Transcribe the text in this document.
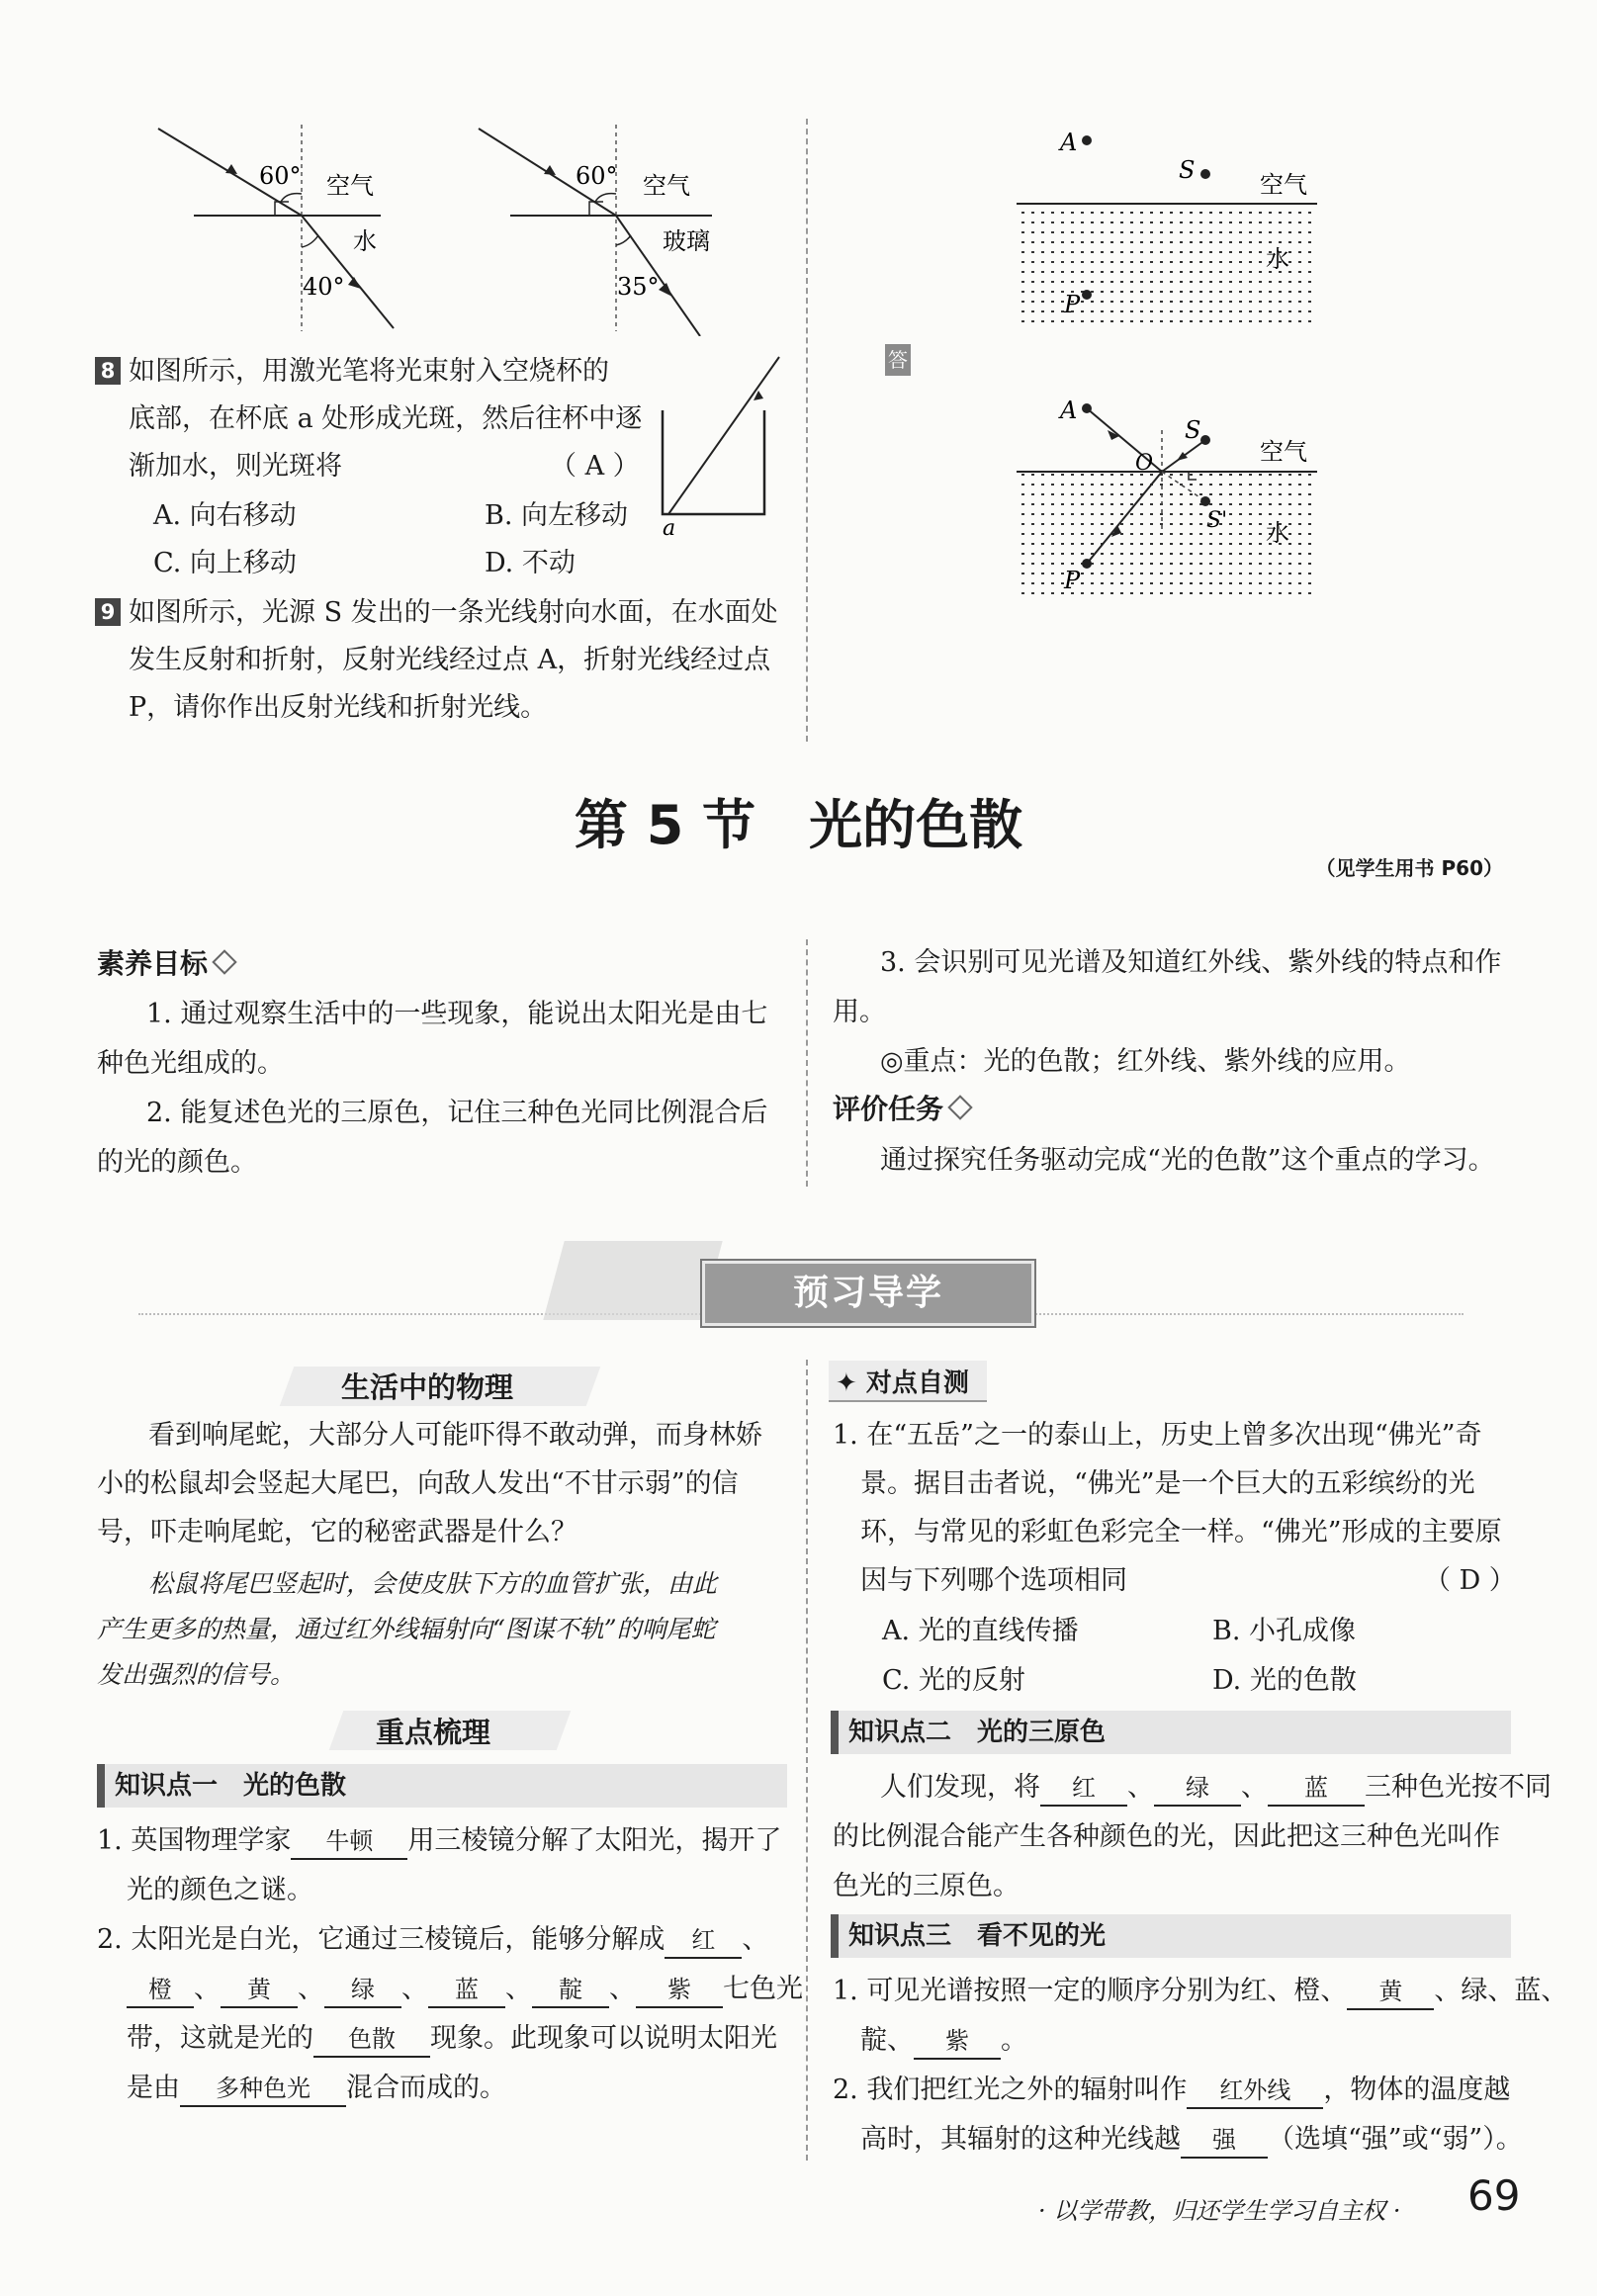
60° 空气
水
40°
60° 空气
玻璃
35°
8 如图所示，用激光笔将光束射入空烧杯的
底部，在杯底 a 处形成光斑，然后往杯中逐
渐加水，则光斑将	（ A ）
A. 向右移动	B. 向左移动
C. 向上移动	D. 不动
a
9 如图所示，光源 S 发出的一条光线射向水面，在水面处
发生反射和折射，反射光线经过点 A，折射光线经过点
P，请你作出反射光线和折射光线。
A
S
空气
水
P
答
A
S
O
S'
空气
水
P
第 5 节　光的色散
（见学生用书 P60）
素养目标
1. 通过观察生活中的一些现象，能说出太阳光是由七
种色光组成的。
2. 能复述色光的三原色，记住三种色光同比例混合后
的光的颜色。
3. 会识别可见光谱及知道红外线、紫外线的特点和作
用。
◎重点：光的色散；红外线、紫外线的应用。
评价任务
通过探究任务驱动完成“光的色散”这个重点的学习。
预习导学
生活中的物理
看到响尾蛇，大部分人可能吓得不敢动弹，而身林娇
小的松鼠却会竖起大尾巴，向敌人发出“不甘示弱”的信
号，吓走响尾蛇，它的秘密武器是什么？
松鼠将尾巴竖起时，会使皮肤下方的血管扩张，由此
产生更多的热量，通过红外线辐射向“图谋不轨”的响尾蛇
发出强烈的信号。
重点梳理
知识点一　光的色散
1. 英国物理学家 牛顿 用三棱镜分解了太阳光，揭开了
光的颜色之谜。
2. 太阳光是白光，它通过三棱镜后，能够分解成 红 、
橙 、 黄 、 绿 、 蓝 、 靛 、 紫 七色光
带，这就是光的 色散 现象。此现象可以说明太阳光
是由 多种色光 混合而成的。
✦ 对点自测
1. 在“五岳”之一的泰山上，历史上曾多次出现“佛光”奇
景。据目击者说，“佛光”是一个巨大的五彩缤纷的光
环，与常见的彩虹色彩完全一样。“佛光”形成的主要原
因与下列哪个选项相同	（ D ）
A. 光的直线传播	B. 小孔成像
C. 光的反射	D. 光的色散
知识点二　光的三原色
人们发现，将 红 、 绿 、 蓝 三种色光按不同
的比例混合能产生各种颜色的光，因此把这三种色光叫作
色光的三原色。
知识点三　看不见的光
1. 可见光谱按照一定的顺序分别为红、橙、 黄 、绿、蓝、
靛、 紫 。
2. 我们把红光之外的辐射叫作 红外线 ，物体的温度越
高时，其辐射的这种光线越 强 （选填“强”或“弱”）。
· 以学带教，归还学生学习自主权 · 69
